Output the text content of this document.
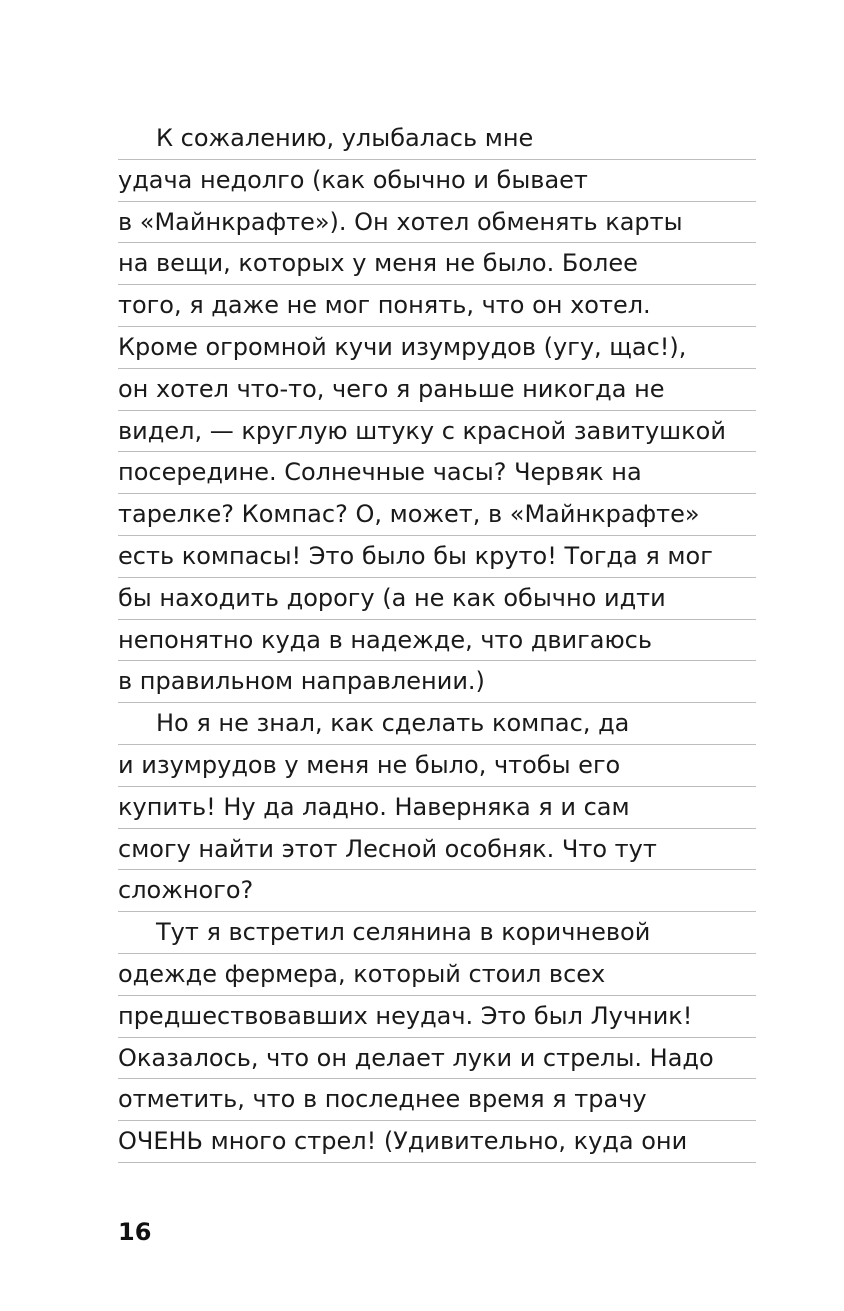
К сожалению, улыбалась мне
удача недолго (как обычно и бывает
в «Майнкрафте»). Он хотел обменять карты
на вещи, которых у меня не было. Более
того, я даже не мог понять, что он хотел.
Кроме огромной кучи изумрудов (угу, щас!),
он хотел что-то, чего я раньше никогда не
видел, — круглую штуку с красной завитушкой
посередине. Солнечные часы? Червяк на
тарелке? Компас? О, может, в «Майнкрафте»
есть компасы! Это было бы круто! Тогда я мог
бы находить дорогу (а не как обычно идти
непонятно куда в надежде, что двигаюсь
в правильном направлении.)
Но я не знал, как сделать компас, да
и изумрудов у меня не было, чтобы его
купить! Ну да ладно. Наверняка я и сам
смогу найти этот Лесной особняк. Что тут
сложного?
Тут я встретил селянина в коричневой
одежде фермера, который стоил всех
предшествовавших неудач. Это был Лучник!
Оказалось, что он делает луки и стрелы. Надо
отметить, что в последнее время я трачу
ОЧЕНЬ много стрел! (Удивительно, куда они
16
